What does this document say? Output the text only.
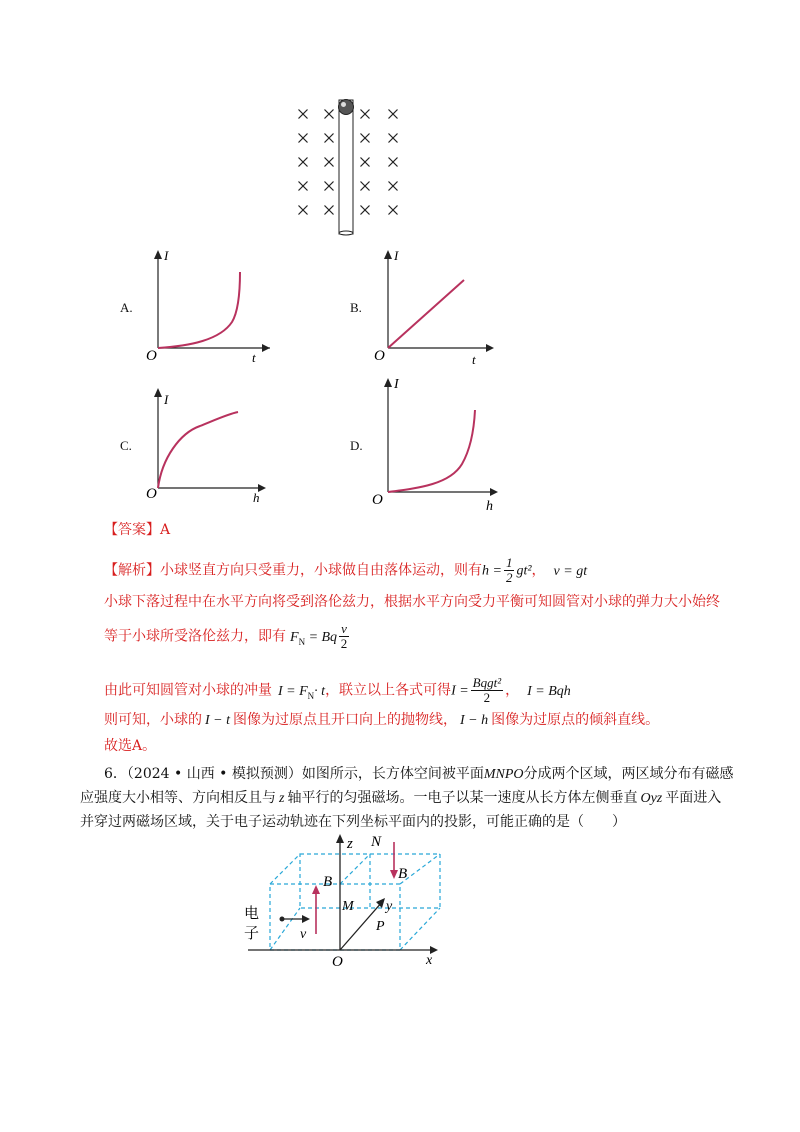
A.	B.
C.	D.
I
O	t
I
O	t
I
O	h
I
O	h
【答案】A
【解析】小球竖直方向只受重力，小球做自由落体运动，则有$h = \frac{1}{2} gt^2$， v = gt
小球下落过程中在水平方向将受到洛伦兹力，根据水平方向受力平衡可知圆管对小球的弹力大小始终
等于小球所受洛伦兹力，即有 $F_N = Bq \frac{v}{2}$
由此可知圆管对小球的冲量 $I = F_N\cdot t$，联立以上各式可得$I = \frac{\text{Bqgt²}}{2}$ ， I = Bqh
则可知，小球的 I − t 图像为过原点且开口向上的抛物线， I − h 图像为过原点的倾斜直线。
故选A。
6．（2024 • 山西 • 模拟预测）如图所示，长方体空间被平面MNPO分成两个区域，两区域分布有磁感
应强度大小相等、方向相反且与 z 轴平行的匀强磁场。一电子以某一速度从长方体左侧垂直 Oyz 平面进入
并穿过两磁场区域，关于电子运动轨迹在下列坐标平面内的投影，可能正确的是（　　）
z N
B	B
M y
P
O	x
v
电
子
